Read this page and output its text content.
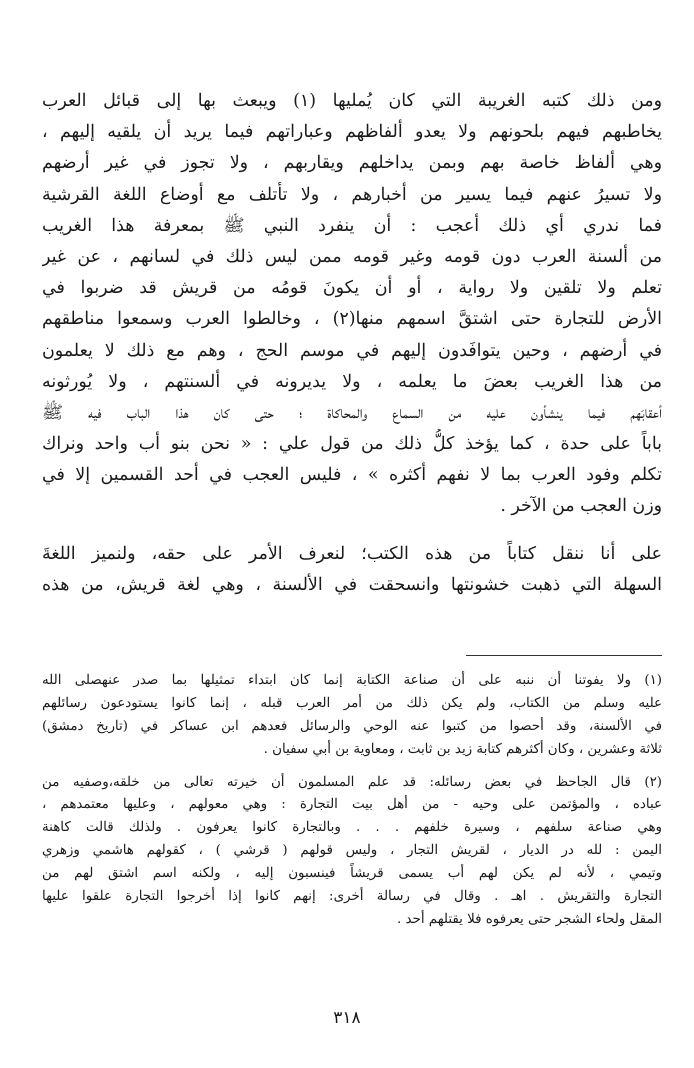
ومن ذلك كتبه الغريبة التي كان يُمليها (١) ويبعث بها إلى قبائل العرب
يخاطبهم فيهم بلحونهم ولا يعدو ألفاظهم وعباراتهم فيما يريد أن يلقيه إليهم ،
وهي ألفاظ خاصة بهم وبمن يداخلهم ويقاربهم ، ولا تجوز في غير أرضهم
ولا تسيرُ عنهم فيما يسير من أخبارهم ، ولا تأتلف مع أوضاع اللغة القرشية
فما ندري أي ذلك أعجب : أن ينفرد النبي ﷺ بمعرفة هذا الغريب
من ألسنة العرب دون قومه وغير قومه ممن ليس ذلك في لسانهم ، عن غير
تعلم ولا تلقين ولا رواية ، أو أن يكونَ قومُه من قريش قد ضربوا في
الأرض للتجارة حتى اشتقَّ اسمهم منها(٢) ، وخالطوا العرب وسمعوا مناطقهم
في أرضهم ، وحين يتوافَدون إليهم في موسم الحج ، وهم مع ذلك لا يعلمون
من هذا الغريب بعضَ ما يعلمه ، ولا يديرونه في ألسنتهم ، ولا يُورثونه
أعقابَهم فيما ينشأون عليه من السماع والمحاكاة ؛ حتى كان هذا الباب فيه ﷺ
باباً على حدة ، كما يؤخذ كلُّ ذلك من قول علي : « نحن بنو أب واحد ونراك
تكلم وفود العرب بما لا نفهم أكثره » ، فليس العجب في أحد القسمين إلا في
وزن العجب من الآخر .
على أنا ننقل كتاباً من هذه الكتب؛ لنعرف الأمر على حقه، ولنميز اللغةَ
السهلة التي ذهبت خشونتها وانسحقت في الألسنة ، وهي لغة قريش، من هذه
(١) ولا يفوتنا أن ننبه على أن صناعة الكتابة إنما كان ابتداء تمثيلها بما صدر عنهصلى الله
عليه وسلم من الكتاب، ولم يكن ذلك من أمر العرب قبله ، إنما كانوا يستودعون رسائلهم
في الألسنة، وقد أحصوا من كتبوا عنه الوحي والرسائل فعدهم ابن عساكر في (تاريخ دمشق)
ثلاثة وعشرين ، وكان أكثرهم كتابة زيد بن ثابت ، ومعاوية بن أبي سفيان .
(٢) قال الجاحظ في بعض رسائله: قد علم المسلمون أن خيرته تعالى من خلقه،وصفيه من
عباده ، والمؤتمن على وحيه - من أهل بيت التجارة : وهي معولهم ، وعليها معتمدهم ،
وهي صناعة سلفهم ، وسيرة خلفهم . . . وبالتجارة كانوا يعرفون . ولذلك قالت كاهنة
اليمن : لله در الديار ، لقريش التجار ، وليس قولهم ( قرشي ) ، كقولهم هاشمي وزهري
وتيمي ، لأنه لم يكن لهم أب يسمى قريشاً فينسبون إليه ، ولكنه اسم اشتق لهم من
التجارة والتقريش . اهـ . وقال في رسالة أخرى: إنهم كانوا إذا أخرجوا التجارة علقوا عليها
المقل ولحاء الشجر حتى يعرفوه فلا يقتلهم أحد .
٣١٨
